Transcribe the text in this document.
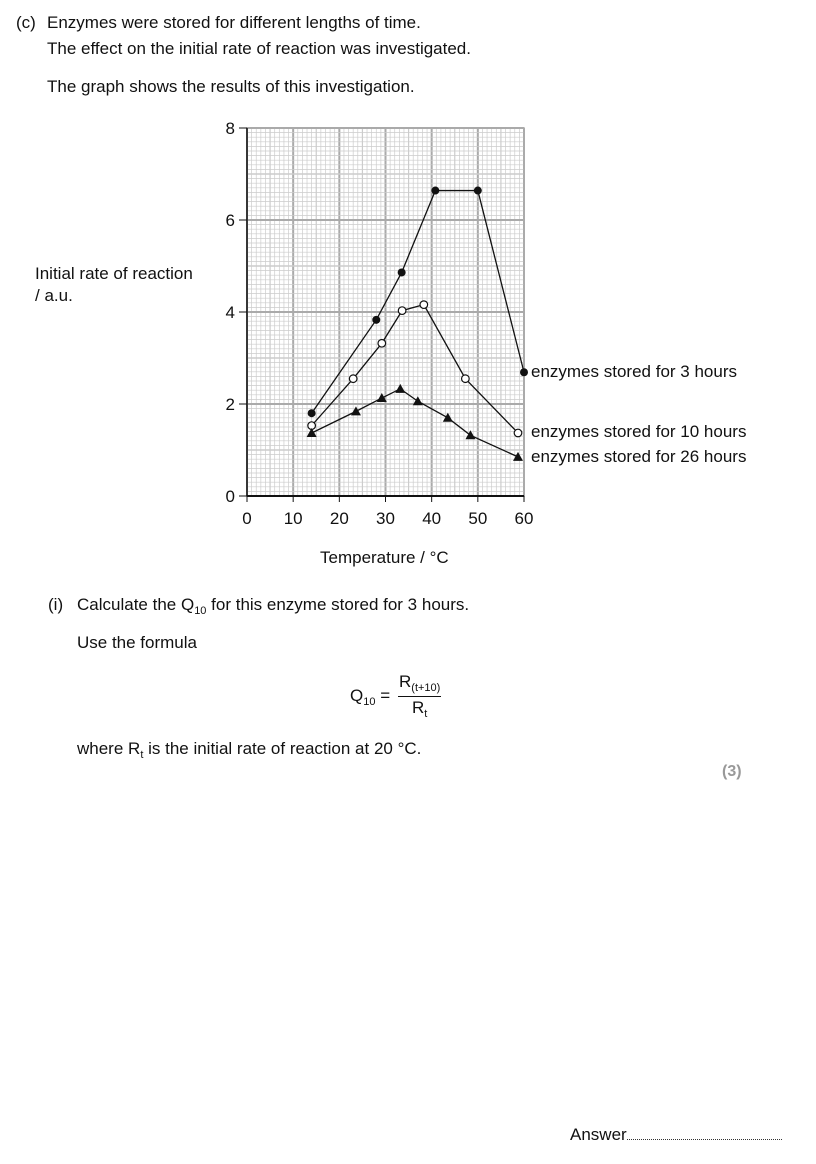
(c) Enzymes were stored for different lengths of time.
The effect on the initial rate of reaction was investigated.
The graph shows the results of this investigation.
Initial rate of reaction
/ a.u.
Temperature / °C
0 10 20 30 40 50 60
0
2
4
6
8
enzymes stored for 3 hours
enzymes stored for 10 hours
enzymes stored for 26 hours
(i) Calculate the $Q_{10}$ for this enzyme stored for 3 hours.
Use the formula
$Q_{10} = \frac{R_{(t+10)}}{R_t}$
where $R_t$ is the initial rate of reaction at 20 °C.
(3)
Answer
